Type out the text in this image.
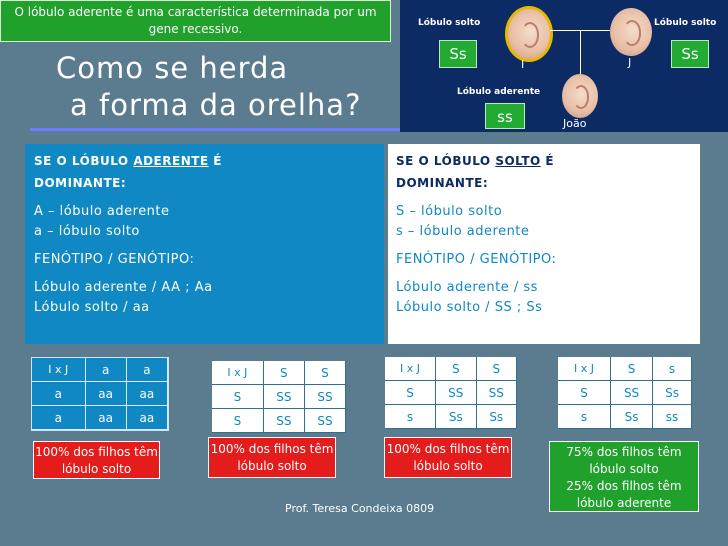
O lóbulo aderente é uma característica determinada por um gene recessivo.
Como se herda
a forma da orelha?
Lóbulo solto	Lóbulo solto
Ss	Ss
I	J
Lóbulo aderente
ss	João

SE O LÓBULO ADERENTE É

DOMINANTE:

A – lóbulo aderente

a – lóbulo solto

FENÓTIPO / GENÓTIPO:

Lóbulo aderente / AA ; Aa

Lóbulo solto / aa

SE O LÓBULO SOLTO É

DOMINANTE:

S – lóbulo solto

s – lóbulo aderente

FENÓTIPO / GENÓTIPO:

Lóbulo aderente / ss

Lóbulo solto / SS ; Ss

I x J	a	a
a	aa	aa
a	aa	aa
I x J	S	S
S	SS	SS
S	SS	SS
I x J	S	S
S	SS	SS
s	Ss	Ss
I x J	S	s
S	SS	Ss
s	Ss	ss
100% dos filhos têm lóbulo solto
100% dos filhos têm lóbulo solto
100% dos filhos têm lóbulo solto
75% dos filhos têm lóbulo solto
25% dos filhos têm lóbulo aderente
Prof. Teresa Condeixa 0809
